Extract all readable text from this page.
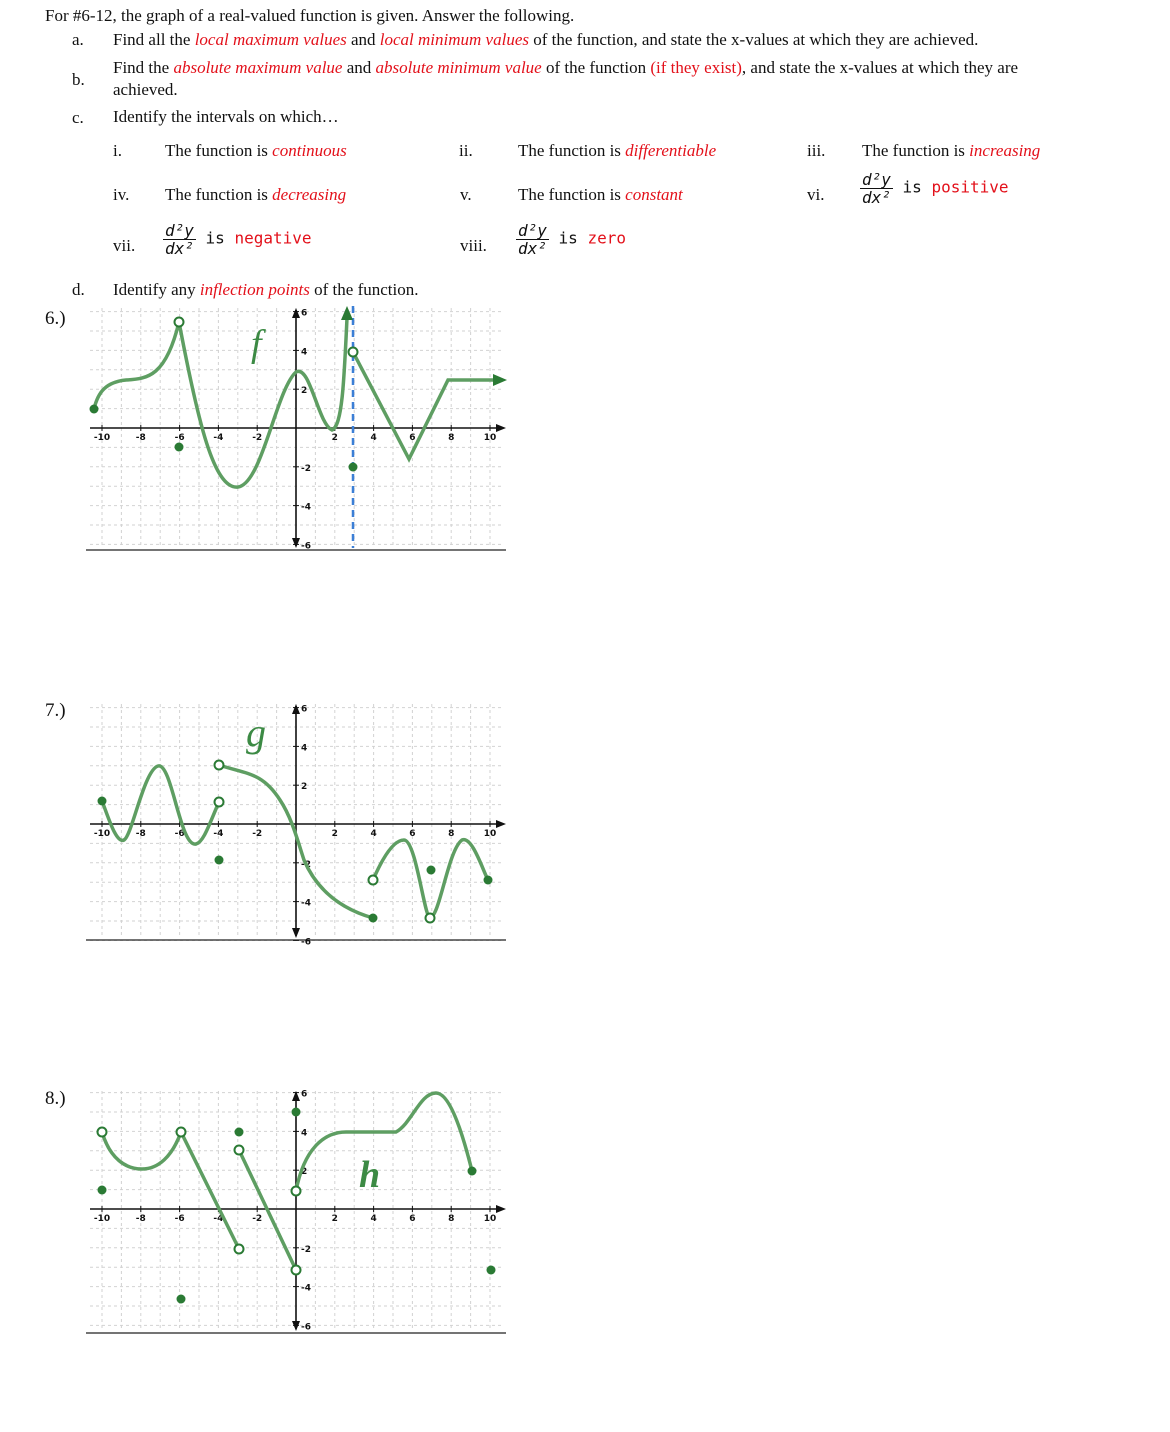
For #6-12, the graph of a real-valued function is given. Answer the following.
a. Find all the local maximum values and local minimum values of the function, and state the x-values at which they are achieved.
b.
Find the absolute maximum value and absolute minimum value of the function (if they exist), and state the x-values at which they are
achieved.
c. Identify the intervals on which…
i.	The function is continuous	ii.	The function is differentiable	iii. The function is increasing
iv. The function is decreasing	v.	The function is constant	vi. $\frac{\text{d²y}}{\text{dx²}}$ is positive
vii. $\frac{\text{d²y}}{\text{dx²}}$ is negative	viii. $\frac{\text{d²y}}{\text{dx²}}$ is zero
d. Identify any inflection points of the function.
6.)
7.)
8.)
-10	-8	-6	-4	-2	2	4	6	8	10
6
4
2
-2
-4
-6
f
-10	-8	-6	-4	-2	2	4	6	8	10
6
4
2
-2
-4
-6
g
-10	-8	-6	-4	-2	2	4	6	8	10
6
4
2
-2
-4
-6
h
